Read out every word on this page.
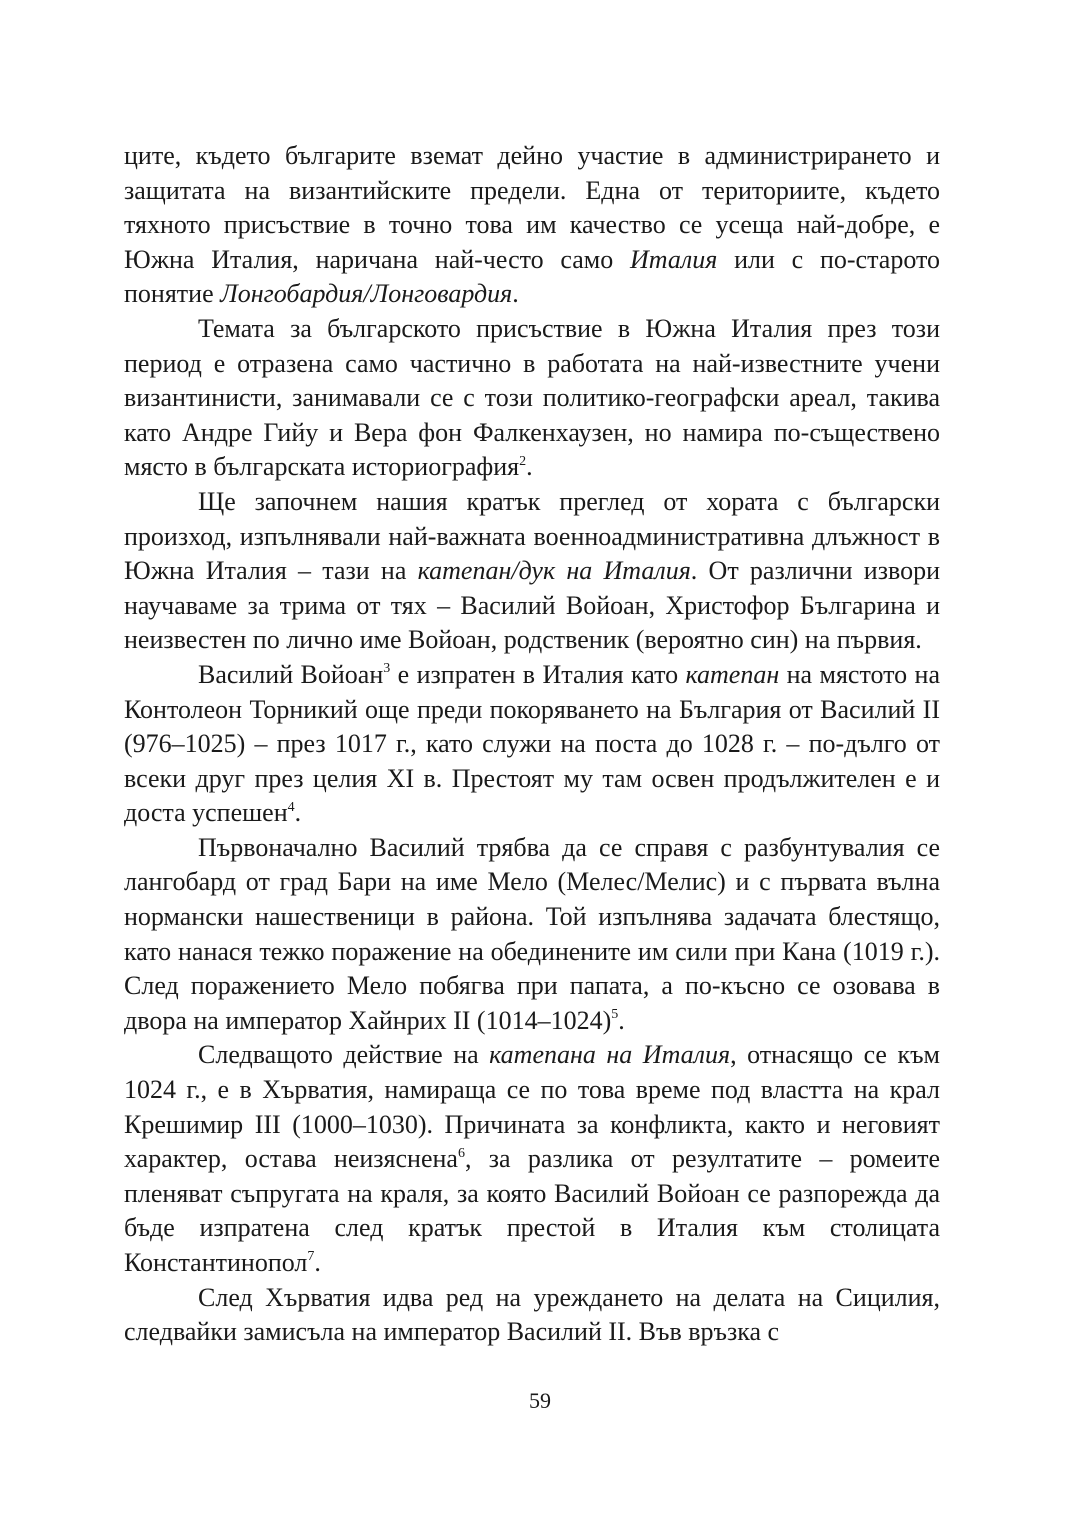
ците, където българите вземат дейно участие в администрирането и защитата на византийските предели. Една от териториите, където тяхното присъствие в точно това им качество се усеща най-добре, е Южна Италия, наричана най-често само Италия или с по-старото понятие Лонгобардия/Лонговардия.

Темата за българското присъствие в Южна Италия през този период е отразена само частично в работата на най-известните учени византинисти, занимавали се с този политико-географски ареал, такива като Андре Гийу и Вера фон Фалкенхаузен, но намира по-съществено място в българската историография$^2$.

Ще започнем нашия кратък преглед от хората с български произход, изпълнявали най-важната военноадминистративна длъжност в Южна Италия – тази на катепан/дук на Италия. От различни извори научаваме за трима от тях – Василий Войоан, Христофор Българина и неизвестен по лично име Войоан, родственик (вероятно син) на първия.

Василий Войоан$^3$ е изпратен в Италия като катепан на мястото на Контолеон Торникий още преди покоряването на България от Василий II (976–1025) – през 1017 г., като служи на поста до 1028 г. – по-дълго от всеки друг през целия XI в. Престоят му там освен продължителен е и доста успешен$^4$.

Първоначално Василий трябва да се справя с разбунтувалия се лангобард от град Бари на име Мело (Мелес/Мелис) и с първата вълна нормански нашественици в района. Той изпълнява задачата блестящо, като нанася тежко поражение на обединените им сили при Кана (1019 г.). След поражението Мело побягва при папата, а по-късно се озовава в двора на император Хайнрих II (1014–1024)$^5$.

Следващото действие на катепана на Италия, отнасящо се към 1024 г., е в Хърватия, намираща се по това време под властта на крал Крешимир III (1000–1030). Причината за конфликта, както и неговият характер, остава неизяснена$^6$, за разлика от резултатите – ромеите пленяват съпругата на краля, за която Василий Войоан се разпорежда да бъде изпратена след кратък престой в Италия към столицата Константинопол$^7$.

След Хърватия идва ред на уреждането на делата на Сицилия, следвайки замисъла на император Василий II. Във връзка с

59
